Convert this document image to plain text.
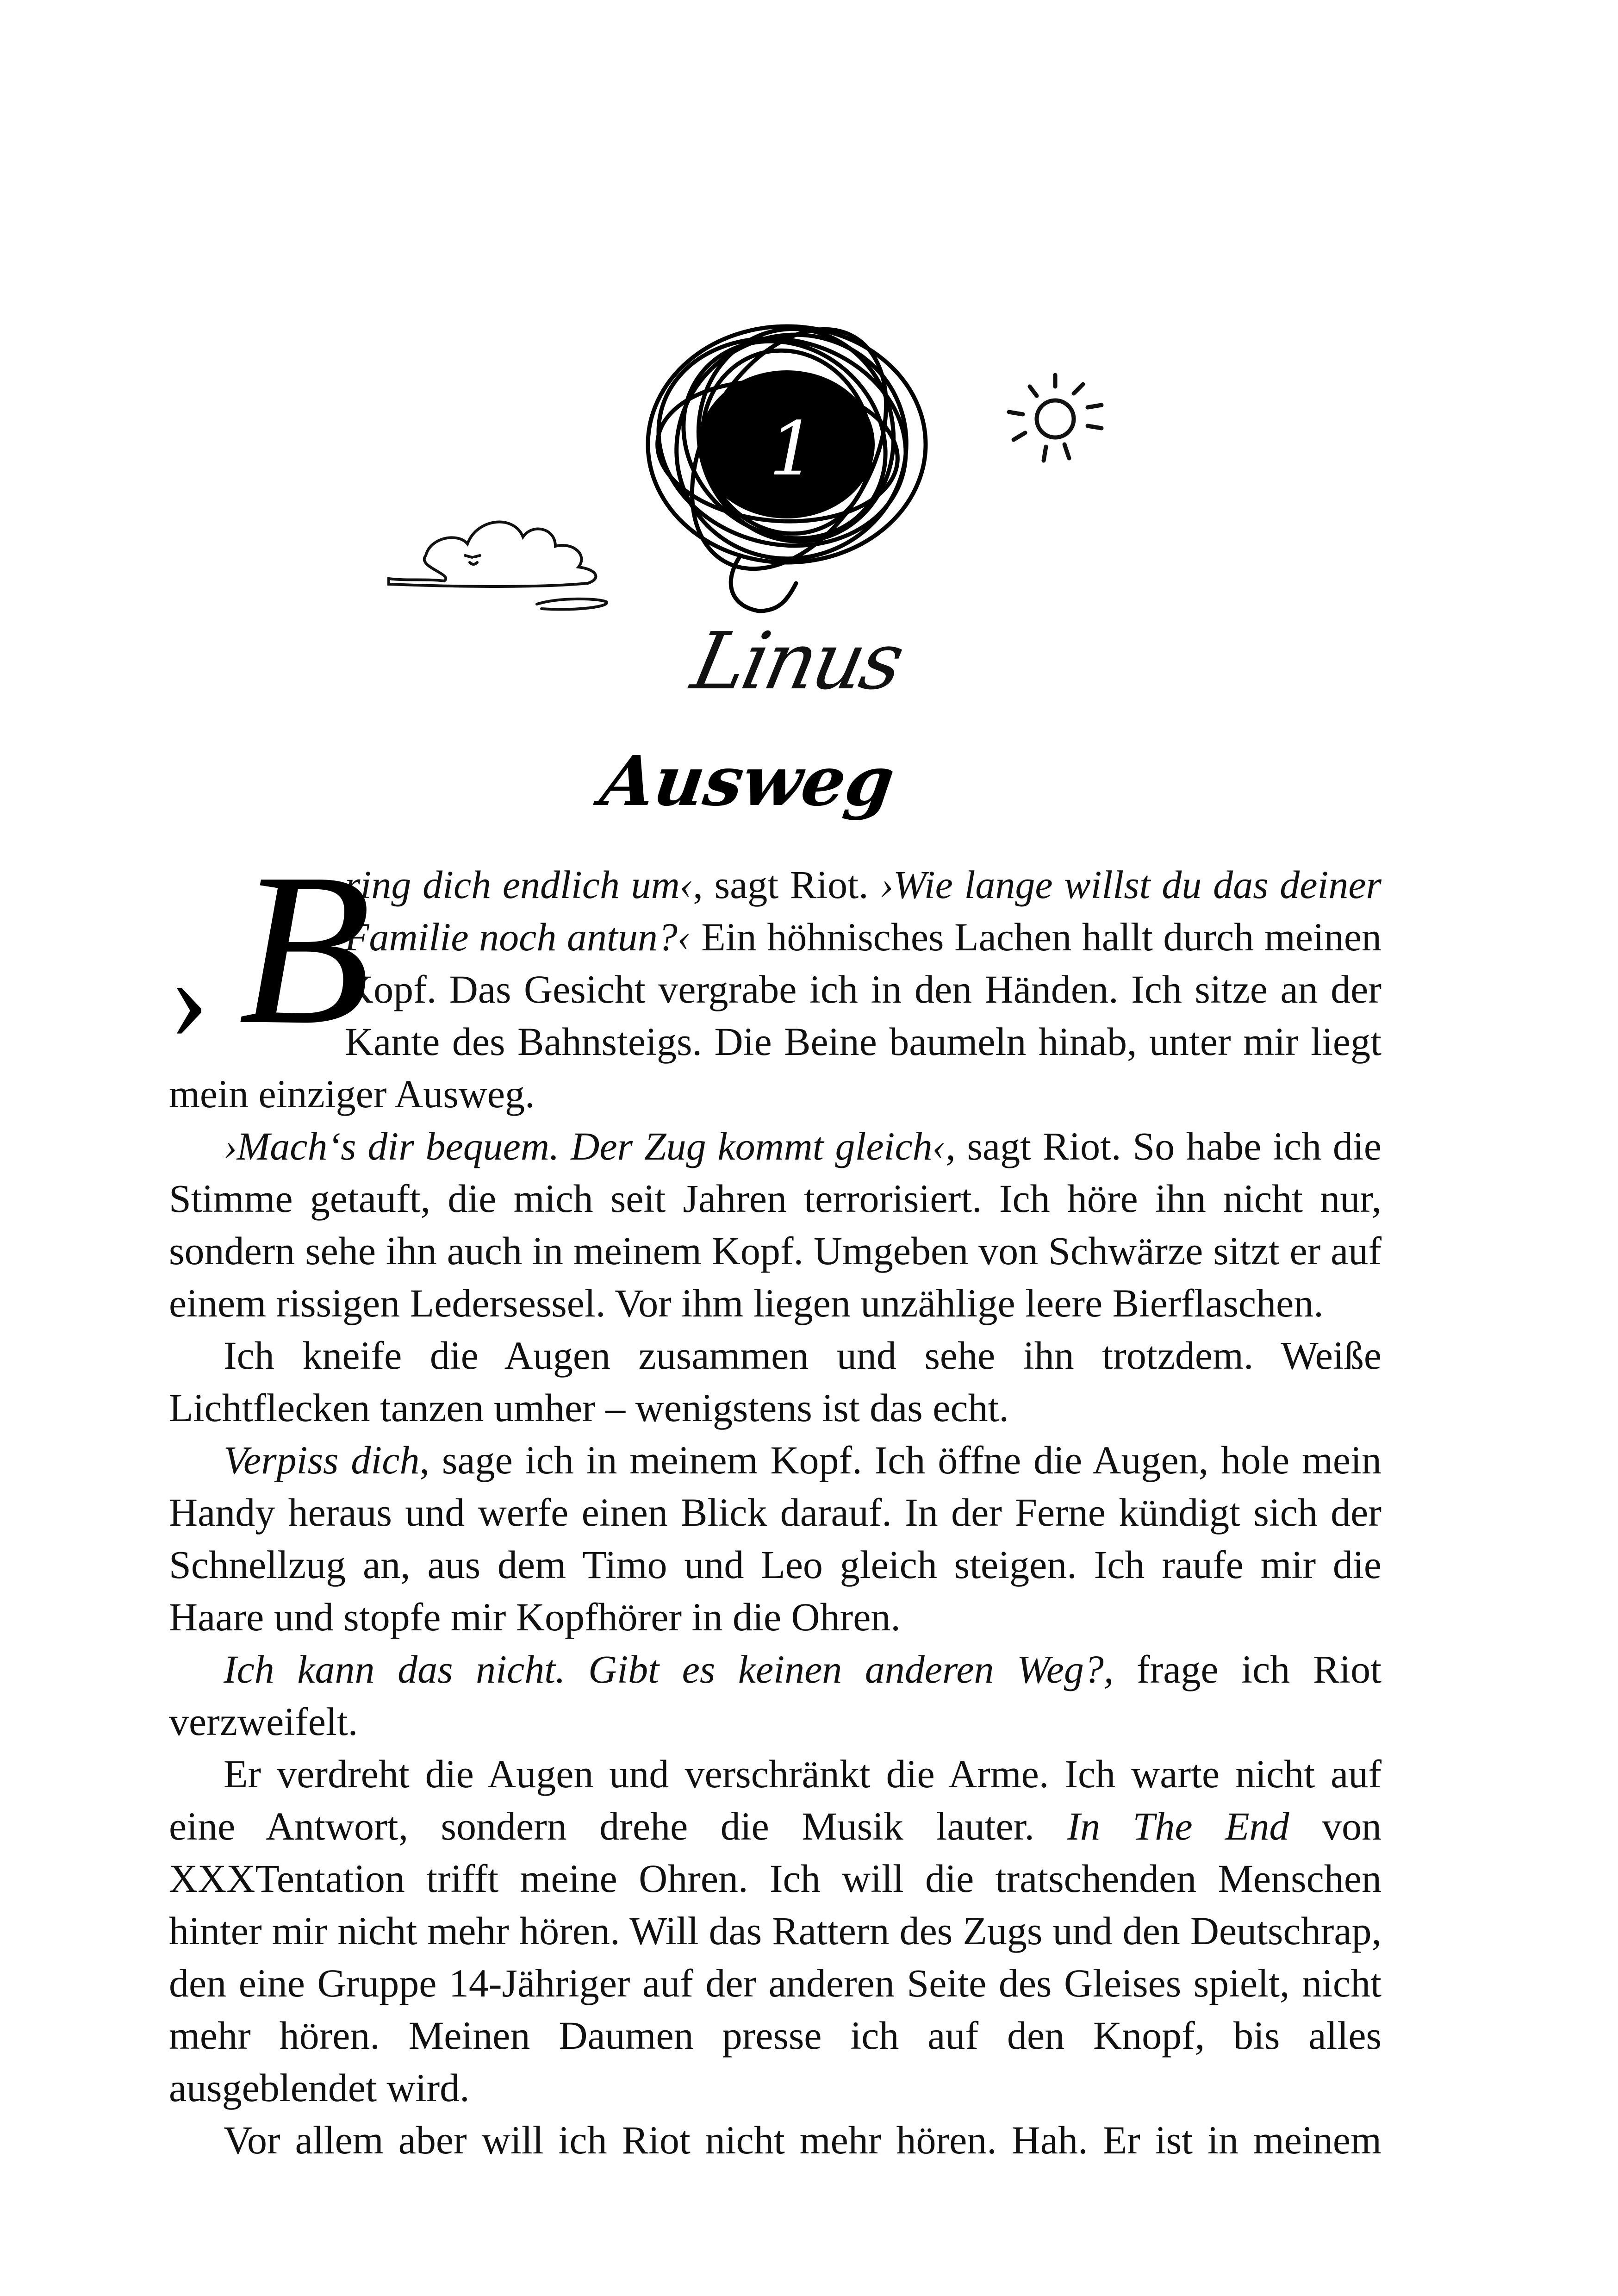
1
Linus
Ausweg

› B
ring dich endlich um‹, sagt Riot. ›Wie lange willst du das deiner Familie noch antun?‹ Ein höhnisches Lachen hallt durch meinen Kopf. Das Gesicht vergrabe ich in den Händen. Ich sitze an der Kante des Bahnsteigs. Die Beine baumeln hinab, unter mir liegt mein einziger Ausweg.

›Mach‘s dir bequem. Der Zug kommt gleich‹, sagt Riot. So habe ich die Stimme getauft, die mich seit Jahren terrorisiert. Ich höre ihn nicht nur, sondern sehe ihn auch in meinem Kopf. Umgeben von Schwärze sitzt er auf einem rissigen Ledersessel. Vor ihm liegen unzählige leere Bierflaschen.

Ich kneife die Augen zusammen und sehe ihn trotzdem. Weiße Lichtflecken tanzen umher – wenigstens ist das echt.

Verpiss dich, sage ich in meinem Kopf. Ich öffne die Augen, hole mein Handy heraus und werfe einen Blick darauf. In der Ferne kündigt sich der Schnellzug an, aus dem Timo und Leo gleich steigen. Ich raufe mir die Haare und stopfe mir Kopfhörer in die Ohren.

Ich kann das nicht. Gibt es keinen anderen Weg?, frage ich Riot verzweifelt.

Er verdreht die Augen und verschränkt die Arme. Ich warte nicht auf eine Antwort, sondern drehe die Musik lauter. In The End von XXXTentation trifft meine Ohren. Ich will die tratschenden Menschen hinter mir nicht mehr hören. Will das Rattern des Zugs und den Deutschrap, den eine Gruppe 14-Jähriger auf der anderen Seite des Gleises spielt, nicht mehr hören. Meinen Daumen presse ich auf den Knopf, bis alles ausgeblendet wird.

Vor allem aber will ich Riot nicht mehr hören. Hah. Er ist in meinem
